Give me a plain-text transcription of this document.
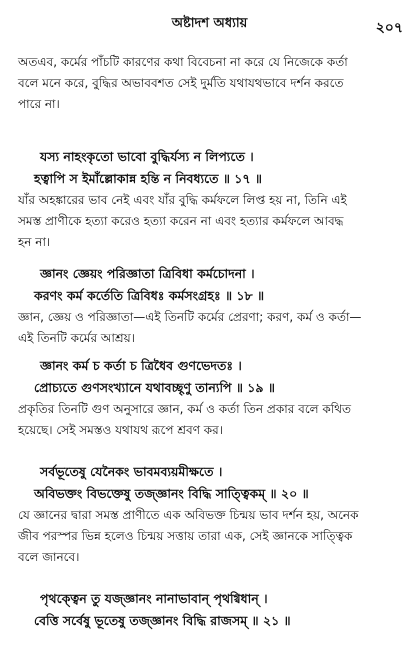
অষ্টাদশ অধ্যায়	২০৭

অতএব, কর্মের পাঁচটি কারণের কথা বিবেচনা না করে যে নিজেকে কর্তা
বলে মনে করে, বুদ্ধির অভাববশত সেই দুর্মতি যথাযথভাবে দর্শন করতে
পারে না।

যস্য নাহংকৃতো ভাবো বুদ্ধির্যস্য ন লিপ্যতে ।
হত্বাপি স ইমাঁল্লোকান্ন হন্তি ন নিবধ্যতে ॥ ১৭ ॥

যাঁর অহঙ্কারের ভাব নেই এবং যাঁর বুদ্ধি কর্মফলে লিপ্ত হয় না, তিনি এই
সমস্ত প্রাণীকে হত্যা করেও হত্যা করেন না এবং হত্যার কর্মফলে আবদ্ধ
হন না।

জ্ঞানং জ্ঞেয়ং পরিজ্ঞাতা ত্রিবিধা কর্মচোদনা ।
করণং কর্ম কর্তেতি ত্রিবিধঃ কর্মসংগ্রহঃ ॥ ১৮ ॥

জ্ঞান, জ্ঞেয় ও পরিজ্ঞাতা—এই তিনটি কর্মের প্রেরণা; করণ, কর্ম ও কর্তা—
এই তিনটি কর্মের আশ্রয়।

জ্ঞানং কর্ম চ কর্তা চ ত্রিধৈব গুণভেদতঃ ।
প্রোচ্যতে গুণসংখ্যানে যথাবচ্ছৃণু তান্যপি ॥ ১৯ ॥

প্রকৃতির তিনটি গুণ অনুসারে জ্ঞান, কর্ম ও কর্তা তিন প্রকার বলে কথিত
হয়েছে। সেই সমস্তও যথাযথ রূপে শ্রবণ কর।

সর্বভূতেষু যেনৈকং ভাবমব্যয়মীক্ষতে ।
অবিভক্তং বিভক্তেষু তজ্জ্ঞানং বিদ্ধি সাত্ত্বিকম্ ॥ ২০ ॥

যে জ্ঞানের দ্বারা সমস্ত প্রাণীতে এক অবিভক্ত চিন্ময় ভাব দর্শন হয়, অনেক
জীব পরস্পর ভিন্ন হলেও চিন্ময় সত্তায় তারা এক, সেই জ্ঞানকে সাত্ত্বিক
বলে জানবে।

পৃথক্ত্বেন তু যজ্জ্ঞানং নানাভাবান্ পৃথগ্বিধান্ ।
বেত্তি সর্বেষু ভূতেষু তজ্জ্ঞানং বিদ্ধি রাজসম্ ॥ ২১ ॥
